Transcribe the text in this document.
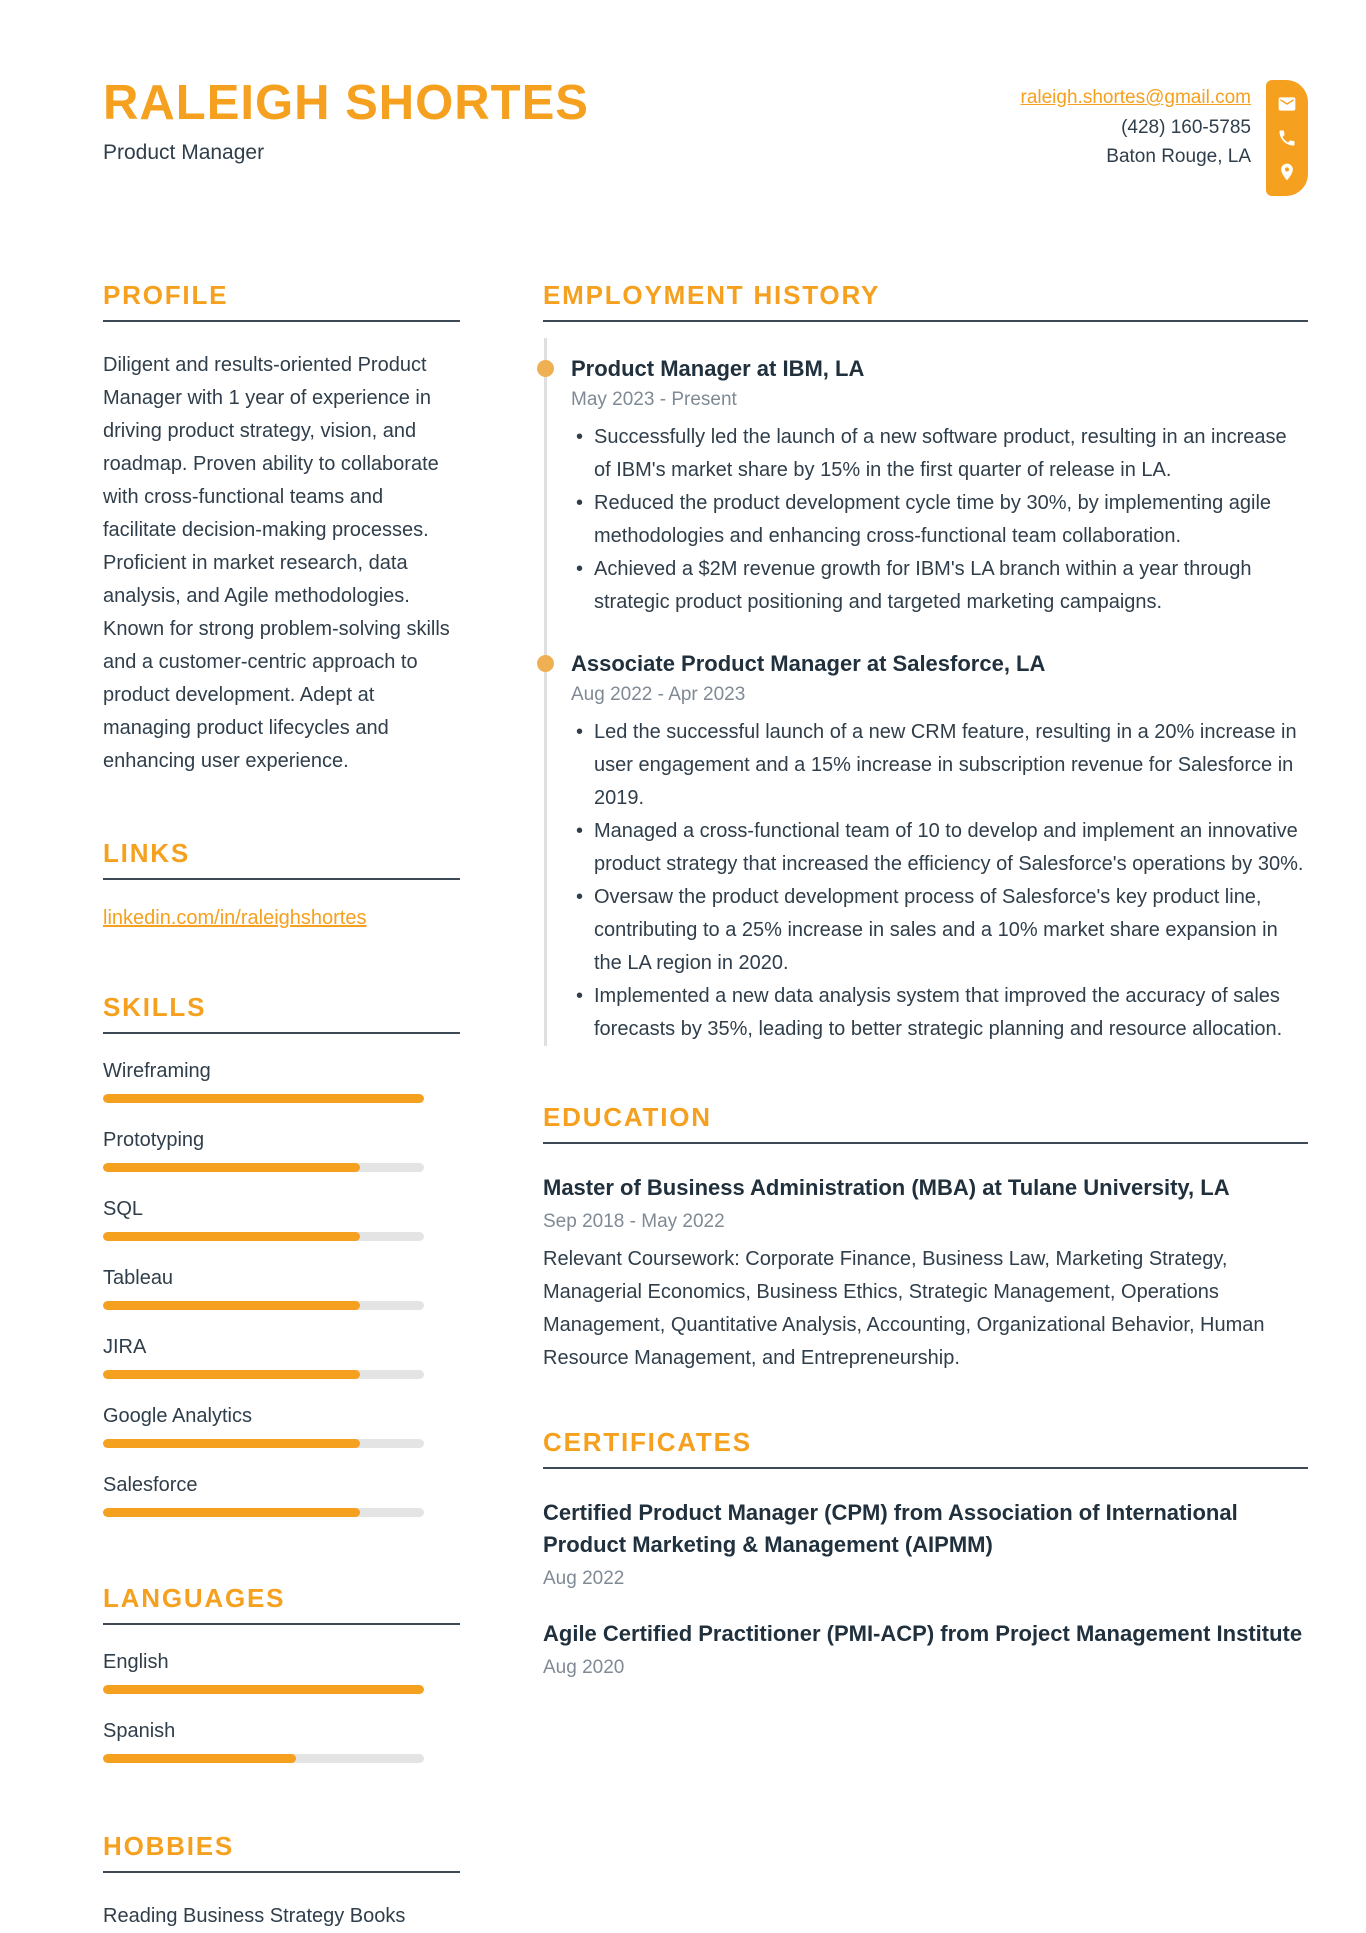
RALEIGH SHORTES
Product Manager
raleigh.shortes@gmail.com
(428) 160-5785
Baton Rouge, LA
PROFILE
Diligent and results-oriented Product Manager with 1 year of experience in driving product strategy, vision, and roadmap. Proven ability to collaborate with cross-functional teams and facilitate decision-making processes. Proficient in market research, data analysis, and Agile methodologies. Known for strong problem-solving skills and a customer-centric approach to product development. Adept at managing product lifecycles and enhancing user experience.
LINKS
linkedin.com/in/raleighshortes
SKILLS
Wireframing
Prototyping
SQL
Tableau
JIRA
Google Analytics
Salesforce
LANGUAGES
English
Spanish
HOBBIES
Reading Business Strategy Books
EMPLOYMENT HISTORY
Product Manager at IBM, LA
May 2023 - Present
• Successfully led the launch of a new software product, resulting in an increase of IBM's market share by 15% in the first quarter of release in LA.
• Reduced the product development cycle time by 30%, by implementing agile methodologies and enhancing cross-functional team collaboration.
• Achieved a $2M revenue growth for IBM's LA branch within a year through strategic product positioning and targeted marketing campaigns.
Associate Product Manager at Salesforce, LA
Aug 2022 - Apr 2023
• Led the successful launch of a new CRM feature, resulting in a 20% increase in user engagement and a 15% increase in subscription revenue for Salesforce in 2019.
• Managed a cross-functional team of 10 to develop and implement an innovative product strategy that increased the efficiency of Salesforce's operations by 30%.
• Oversaw the product development process of Salesforce's key product line, contributing to a 25% increase in sales and a 10% market share expansion in the LA region in 2020.
• Implemented a new data analysis system that improved the accuracy of sales forecasts by 35%, leading to better strategic planning and resource allocation.
EDUCATION
Master of Business Administration (MBA) at Tulane University, LA
Sep 2018 - May 2022
Relevant Coursework: Corporate Finance, Business Law, Marketing Strategy, Managerial Economics, Business Ethics, Strategic Management, Operations Management, Quantitative Analysis, Accounting, Organizational Behavior, Human Resource Management, and Entrepreneurship.
CERTIFICATES
Certified Product Manager (CPM) from Association of International Product Marketing & Management (AIPMM)
Aug 2022
Agile Certified Practitioner (PMI-ACP) from Project Management Institute
Aug 2020
